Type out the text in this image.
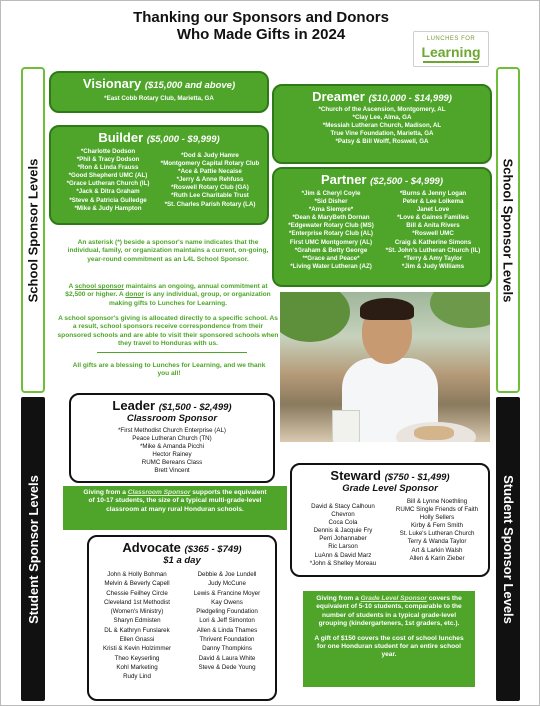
Thanking our Sponsors and Donors
Who Made Gifts in 2024	LUNCHES FOR
Learning
School Sponsor Levels	School Sponsor Levels
Student Sponsor Levels	Student Sponsor Levels
Visionary ($15,000 and above)
*East Cobb Rotary Club, Marietta, GA	Dreamer ($10,000 - $14,999)
*Church of the Ascension, Montgomery, AL
*Clay Lee, Alma, GA
*Messiah Lutheran Church, Madison, AL
True Vine Foundation, Marietta, GA
*Patsy & Bill Wolff, Roswell, GA
Builder ($5,000 - $9,999)
*Charlotte Dodson
*Phil & Tracy Dodson
*Ron & Linda Frauss
*Good Shepherd UMC (AL)
*Grace Lutheran Church (IL)
*Jack & Ditra Graham
*Steve & Patricia Gulledge
*Mike & Judy Hampton
*Dod & Judy Hamre
*Montgomery Capital Rotary Club
*Ace & Pattie Necaise
*Jerry & Anne Rehfuss
*Roswell Rotary Club (GA)
*Ruth Lee Charitable Trust
*St. Charles Parish Rotary (LA)
Partner ($2,500 - $4,999)
*Jim & Cheryl Coyle
*Sid Disher
*Ama Siempre*
*Dean & MaryBeth Dornan
*Edgewater Rotary Club (MS)
*Enterprise Rotary Club (AL)
First UMC Montgomery (AL)
*Graham & Betty George
**Grace and Peace*
*Living Water Lutheran (AZ)
*Burns & Jenny Logan
Peter & Lee Lolkema
Janet Love
*Love & Gaines Families
Bill & Anita Rivers
*Roswell UMC
Craig & Katherine Simons
*St. John's Lutheran Church (IL)
*Terry & Amy Taylor
*Jim & Judy Williams
An asterisk (*) beside a sponsor's name indicates that the individual, family, or organization maintains a current, on-going, year-round commitment as an L4L School Sponsor.
A school sponsor maintains an ongoing, annual commitment at $2,500 or higher. A donor is any individual, group, or organization making gifts to Lunches for Learning.
A school sponsor's giving is allocated directly to a specific school. As a result, school sponsors receive correspondence from their sponsored schools and are able to visit their sponsored schools when they travel to Honduras with us.
All gifts are a blessing to Lunches for Learning, and we thank you all!
Leader ($1,500 - $2,499)
Classroom Sponsor
*First Methodist Church Enterprise (AL)
Peace Lutheran Church (TN)
*Mike & Amanda Picchi
Hector Rainey
RUMC Bereans Class
Brett Vincent
Giving from a Classroom Sponsor supports the equivalent of 10-17 students, the size of a typical multi-grade-level classroom at many rural Honduran schools.
Steward ($750 - $1,499)
Grade Level Sponsor
David & Stacy Calhoun
Chevron
Coca Cola
Dennis & Jacquie Fry
Perri Johannaber
Ric Larson
LuAnn & David Marz
*John & Shelley Moreau
Bill & Lynne Noethling
RUMC Single Friends of Faith
Holly Sellers
Kirby & Fern Smith
St. Luke's Lutheran Church
Terry & Wanda Taylor
Art & Larkin Walsh
Allen & Karin Zieber
Advocate ($365 - $749)
$1 a day
John & Holly Bohman
Melvin & Beverly Capell
Chessie Feilhey Circle
Cleveland 1st Methodist
(Women's Ministry)
Sharyn Edmisten
DL & Kathryn Funslarek
Ellen Gnassi
Kristi & Kevin Holzimmer
Theo Keyserling
Kohl Marketing
Rudy Lind
Debbie & Joe Lundell
Judy McCune
Lewis & Francine Moyer
Kay Owens
Pledgeling Foundation
Lori & Jeff Simonton
Allen & Linda Thames
Thrivent Foundation
Danny Thompkins
David & Laura White
Steve & Dede Young
Giving from a Grade Level Sponsor covers the equivalent of 5-10 students, comparable to the number of students in a typical grade-level grouping (kindergarteners, 1st graders, etc.).
A gift of $150 covers the cost of school lunches for one Honduran student for an entire school year.
